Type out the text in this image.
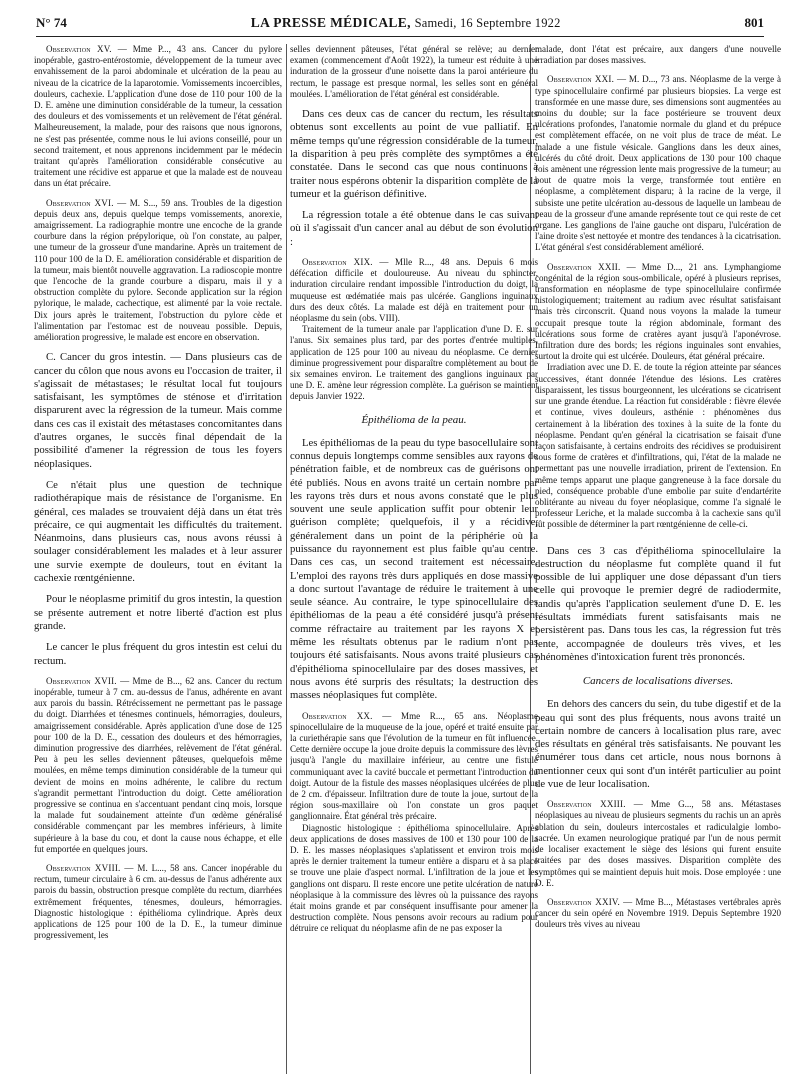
N° 74	LA PRESSE MÉDICALE, Samedi, 16 Septembre 1922	801

Observation XV. — Mme P..., 43 ans. Cancer du pylore inopérable, gastro-entérostomie, développement de la tumeur avec envahissement de la paroi abdominale et ulcération de la peau au niveau de la cicatrice de la laparotomie. Vomissements incoercibles, douleurs, cachexie. L'application d'une dose de 110 pour 100 de la D. E. amène une diminution considérable de la tumeur, la cessation des douleurs et des vomissements et un relèvement de l'état général. Malheureusement, la malade, pour des raisons que nous ignorons, ne s'est pas présentée, comme nous le lui avions conseillé, pour un second traitement, et nous apprenons incidemment par le médecin traitant qu'après l'amélioration considérable consécutive au traitement une récidive est apparue et que la malade est de nouveau dans un état précaire.

Observation XVI. — M. S..., 59 ans. Troubles de la digestion depuis deux ans, depuis quelque temps vomissements, anorexie, amaigrissement. La radiographie montre une encoche de la grande courbure dans la région prépylorique, où l'on constate, au palper, une tumeur de la grosseur d'une mandarine. Après un traitement de 110 pour 100 de la D. E. amélioration considérable et disparition de la tumeur, mais bientôt nouvelle aggravation. La radioscopie montre que l'encoche de la grande courbure a disparu, mais il y a obstruction complète du pylore. Seconde application sur la région pylorique, le malade, cachectique, est alimenté par la voie rectale. Dix jours après le traitement, l'obstruction du pylore cède et l'alimentation par l'estomac est de nouveau possible. Depuis, amélioration progressive, le malade est encore en observation.

C. Cancer du gros intestin. — Dans plusieurs cas de cancer du côlon que nous avons eu l'occasion de traiter, il s'agissait de métastases; le résultat local fut toujours satisfaisant, les symptômes de sténose et d'irritation disparurent avec la régression de la tumeur. Mais comme dans ces cas il existait des métastases concomitantes dans d'autres organes, le succès final dépendait de la possibilité d'amener la régression de tous les foyers néoplasiques.

Ce n'était plus une question de technique radiothérapique mais de résistance de l'organisme. En général, ces malades se trouvaient déjà dans un état très précaire, ce qui augmentait les difficultés du traitement. Néanmoins, dans plusieurs cas, nous avons réussi à soulager considérablement les malades et à leur assurer une survie exempte de douleurs, tout en évitant la cachexie rœntgénienne.

Pour le néoplasme primitif du gros intestin, la question se présente autrement et notre liberté d'action est plus grande.

Le cancer le plus fréquent du gros intestin est celui du rectum.

Observation XVII. — Mme de B..., 62 ans. Cancer du rectum inopérable, tumeur à 7 cm. au-dessus de l'anus, adhérente en avant aux parois du bassin. Rétrécissement ne permettant pas le passage du doigt. Diarrhées et ténesmes continuels, hémorragies, douleurs, amaigrissement considérable. Après application d'une dose de 125 pour 100 de la D. E., cessation des douleurs et des hémorragies, diminution progressive des diarrhées, relèvement de l'état général. Peu à peu les selles deviennent pâteuses, quelquefois même moulées, en même temps diminution considérable de la tumeur qui devient de moins en moins adhérente, le calibre du rectum s'agrandit permettant l'introduction du doigt. Cette amélioration progressive se continua en s'accentuant pendant cinq mois, lorsque la malade fut soudainement atteinte d'un œdème généralisé considérable commençant par les membres inférieurs, à limite supérieure à la base du cou, et dont la cause nous échappe, et elle fut emportée en quelques jours.

Observation XVIII. — M. L..., 58 ans. Cancer inopérable du rectum, tumeur circulaire à 6 cm. au-dessus de l'anus adhérente aux parois du bassin, obstruction presque complète du rectum, diarrhées extrêmement fréquentes, ténesmes, douleurs, hémorragies. Diagnostic histologique : épithélioma cylindrique. Après deux applications de 125 pour 100 de la D. E., la tumeur diminue progressivement, les

selles deviennent pâteuses, l'état général se relève; au dernier examen (commencement d'Août 1922), la tumeur est réduite à une induration de la grosseur d'une noisette dans la paroi antérieure du rectum, le passage est presque normal, les selles sont en général moulées. L'amélioration de l'état général est considérable.

Dans ces deux cas de cancer du rectum, les résultats obtenus sont excellents au point de vue palliatif. En même temps qu'une régression considérable de la tumeur, la disparition à peu près complète des symptômes a été constatée. Dans le second cas que nous continuons à traiter nous espérons obtenir la disparition complète de la tumeur et la guérison définitive.

La régression totale a été obtenue dans le cas suivant où il s'agissait d'un cancer anal au début de son évolution :

Observation XIX. — Mlle R..., 48 ans. Depuis 6 mois défécation difficile et douloureuse. Au niveau du sphincter, induration circulaire rendant impossible l'introduction du doigt, la muqueuse est œdématiée mais pas ulcérée. Ganglions inguinaux durs des deux côtés. La malade est déjà en traitement pour un néoplasme du sein (obs. VIII).

Traitement de la tumeur anale par l'application d'une D. E. sur l'anus. Six semaines plus tard, par des portes d'entrée multiples, application de 125 pour 100 au niveau du néoplasme. Ce dernier diminue progressivement pour disparaître complètement au bout de six semaines environ. Le traitement des ganglions inguinaux par une D. E. amène leur régression complète. La guérison se maintient depuis Janvier 1922.

Épithélioma de la peau.

Les épithéliomas de la peau du type basocellulaire sont connus depuis longtemps comme sensibles aux rayons de pénétration faible, et de nombreux cas de guérisons ont été publiés. Nous en avons traité un certain nombre par les rayons très durs et nous avons constaté que le plus souvent une seule application suffit pour obtenir leur guérison complète; quelquefois, il y a récidive, généralement dans un point de la périphérie où la puissance du rayonnement est plus faible qu'au centre. Dans ces cas, un second traitement est nécessaire. L'emploi des rayons très durs appliqués en dose massive a donc surtout l'avantage de réduire le traitement à une seule séance. Au contraire, le type spinocellulaire des épithéliomas de la peau a été considéré jusqu'à présent comme réfractaire au traitement par les rayons X et même les résultats obtenus par le radium n'ont pas toujours été satisfaisants. Nous avons traité plusieurs cas d'épithélioma spinocellulaire par des doses massives, et nous avons été surpris des résultats; la destruction des masses néoplasiques fut complète.

Observation XX. — Mme R..., 65 ans. Néoplasme spinocellulaire de la muqueuse de la joue, opéré et traité ensuite par la curiethérapie sans que l'évolution de la tumeur en fût influencée. Cette dernière occupe la joue droite depuis la commissure des lèvres jusqu'à l'angle du maxillaire inférieur, au centre une fistule communiquant avec la cavité buccale et permettant l'introduction du doigt. Autour de la fistule des masses néoplasiques ulcérées de plus de 2 cm. d'épaisseur. Infiltration dure de toute la joue, surtout de la région sous-maxillaire où l'on constate un gros paquet ganglionnaire. État général très précaire.

Diagnostic histologique : épithélioma spinocellulaire. Après deux applications de doses massives de 100 et 130 pour 100 de la D. E. les masses néoplasiques s'aplatissent et environ trois mois après le dernier traitement la tumeur entière a disparu et à sa place se trouve une plaie d'aspect normal. L'infiltration de la joue et les ganglions ont disparu. Il reste encore une petite ulcération de nature néoplasique à la commissure des lèvres où la puissance des rayons était moins grande et par conséquent insuffisante pour amener la destruction complète. Nous pensons avoir recours au radium pour détruire ce reliquat du néoplasme afin de ne pas exposer la

malade, dont l'état est précaire, aux dangers d'une nouvelle irradiation par doses massives.

Observation XXI. — M. D..., 73 ans. Néoplasme de la verge à type spinocellulaire confirmé par plusieurs biopsies. La verge est transformée en une masse dure, ses dimensions sont augmentées au moins du double; sur la face postérieure se trouvent deux ulcérations profondes, l'anatomie normale du gland et du prépuce est complètement effacée, on ne voit plus de trace de méat. Le malade a une fistule vésicale. Ganglions dans les deux aines, ulcérés du côté droit. Deux applications de 130 pour 100 chaque fois amènent une régression lente mais progressive de la tumeur; au bout de quatre mois la verge, transformée tout entière en néoplasme, a complètement disparu; à la racine de la verge, il subsiste une petite ulcération au-dessous de laquelle un lambeau de peau de la grosseur d'une amande représente tout ce qui reste de cet organe. Les ganglions de l'aine gauche ont disparu, l'ulcération de l'aine droite s'est nettoyée et montre des tendances à la cicatrisation. L'état général s'est considérablement amélioré.

Observation XXII. — Mme D..., 21 ans. Lymphangiome congénital de la région sous-ombilicale, opéré à plusieurs reprises, transformation en néoplasme de type spinocellulaire confirmée histologiquement; traitement au radium avec résultat satisfaisant mais très circonscrit. Quand nous voyons la malade la tumeur occupait presque toute la région abdominale, formant des ulcérations sous forme de cratères ayant jusqu'à l'aponévrose. Infiltration dure des bords; les régions inguinales sont envahies, surtout la droite qui est ulcérée. Douleurs, état général précaire.

Irradiation avec une D. E. de toute la région atteinte par séances successives, étant donnée l'étendue des lésions. Les cratères disparaissent, les tissus bourgeonnent, les ulcérations se cicatrisent sur une grande étendue. La réaction fut considérable : fièvre élevée et continue, vives douleurs, asthénie : phénomènes dus certainement à la libération des toxines à la suite de la fonte du néoplasme. Pendant qu'en général la cicatrisation se faisait d'une façon satisfaisante, à certains endroits des récidives se produisirent sous forme de cratères et d'infiltrations, qui, l'état de la malade ne permettant pas une nouvelle irradiation, prirent de l'extension. En même temps apparut une plaque gangreneuse à la face dorsale du pied, conséquence probable d'une embolie par suite d'endartérite oblitérante au niveau du foyer néoplasique, comme l'a signalé le professeur Leriche, et la malade succomba à la cachexie sans qu'il fût possible de déterminer la part rœntgénienne de celle-ci.

Dans ces 3 cas d'épithélioma spinocellulaire la destruction du néoplasme fut complète quand il fut possible de lui appliquer une dose dépassant d'un tiers celle qui provoque le premier degré de radiodermite, tandis qu'après l'application seulement d'une D. E. les résultats immédiats furent satisfaisants mais ne persistèrent pas. Dans tous les cas, la régression fut très lente, accompagnée de douleurs très vives, et les phénomènes d'intoxication furent très prononcés.

Cancers de localisations diverses.

En dehors des cancers du sein, du tube digestif et de la peau qui sont des plus fréquents, nous avons traité un certain nombre de cancers à localisation plus rare, avec des résultats en général très satisfaisants. Ne pouvant les énumérer tous dans cet article, nous nous bornons à mentionner ceux qui sont d'un intérêt particulier au point de vue de leur localisation.

Observation XXIII. — Mme G..., 58 ans. Métastases néoplasiques au niveau de plusieurs segments du rachis un an après ablation du sein, douleurs intercostales et radiculalgie lombo-sacrée. Un examen neurologique pratiqué par l'un de nous permit de localiser exactement le siège des lésions qui furent ensuite traitées par des doses massives. Disparition complète des symptômes qui se maintient depuis huit mois. Dose employée : une D. E.

Observation XXIV. — Mme B..., Métastases vertébrales après cancer du sein opéré en Novembre 1919. Depuis Septembre 1920 douleurs très vives au niveau
